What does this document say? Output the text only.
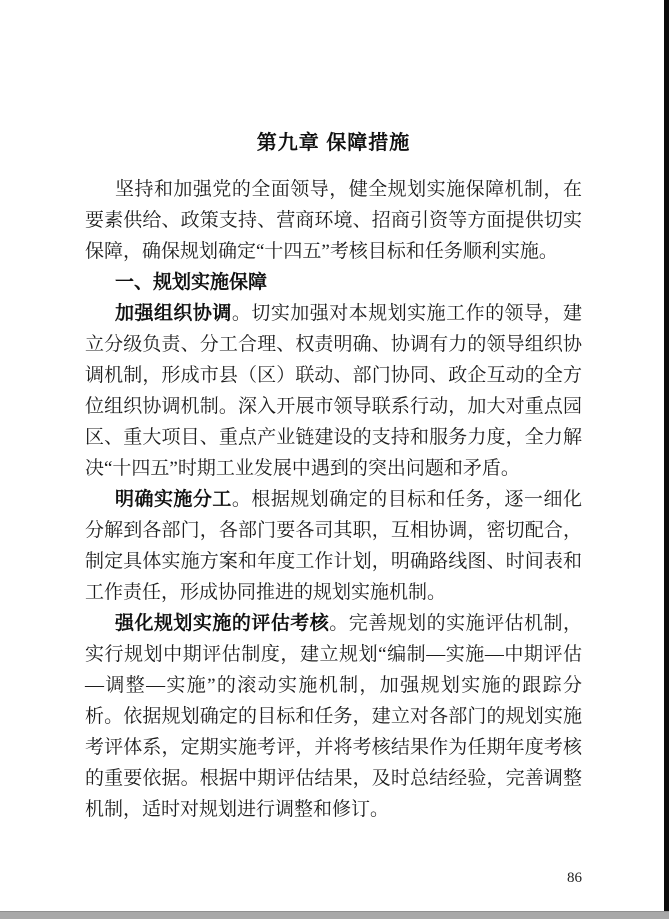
第九章 保障措施

坚持和加强党的全面领导，健全规划实施保障机制，在要素供给、政策支持、营商环境、招商引资等方面提供切实保障，确保规划确定“十四五”考核目标和任务顺利实施。

一、规划实施保障

加强组织协调。切实加强对本规划实施工作的领导，建立分级负责、分工合理、权责明确、协调有力的领导组织协调机制，形成市县（区）联动、部门协同、政企互动的全方位组织协调机制。深入开展市领导联系行动，加大对重点园区、重大项目、重点产业链建设的支持和服务力度，全力解决“十四五”时期工业发展中遇到的突出问题和矛盾。

明确实施分工。根据规划确定的目标和任务，逐一细化分解到各部门，各部门要各司其职，互相协调，密切配合，制定具体实施方案和年度工作计划，明确路线图、时间表和工作责任，形成协同推进的规划实施机制。

强化规划实施的评估考核。完善规划的实施评估机制，实行规划中期评估制度，建立规划“编制—实施—中期评估—调整—实施”的滚动实施机制，加强规划实施的跟踪分析。依据规划确定的目标和任务，建立对各部门的规划实施考评体系，定期实施考评，并将考核结果作为任期年度考核的重要依据。根据中期评估结果，及时总结经验，完善调整机制，适时对规划进行调整和修订。

86
